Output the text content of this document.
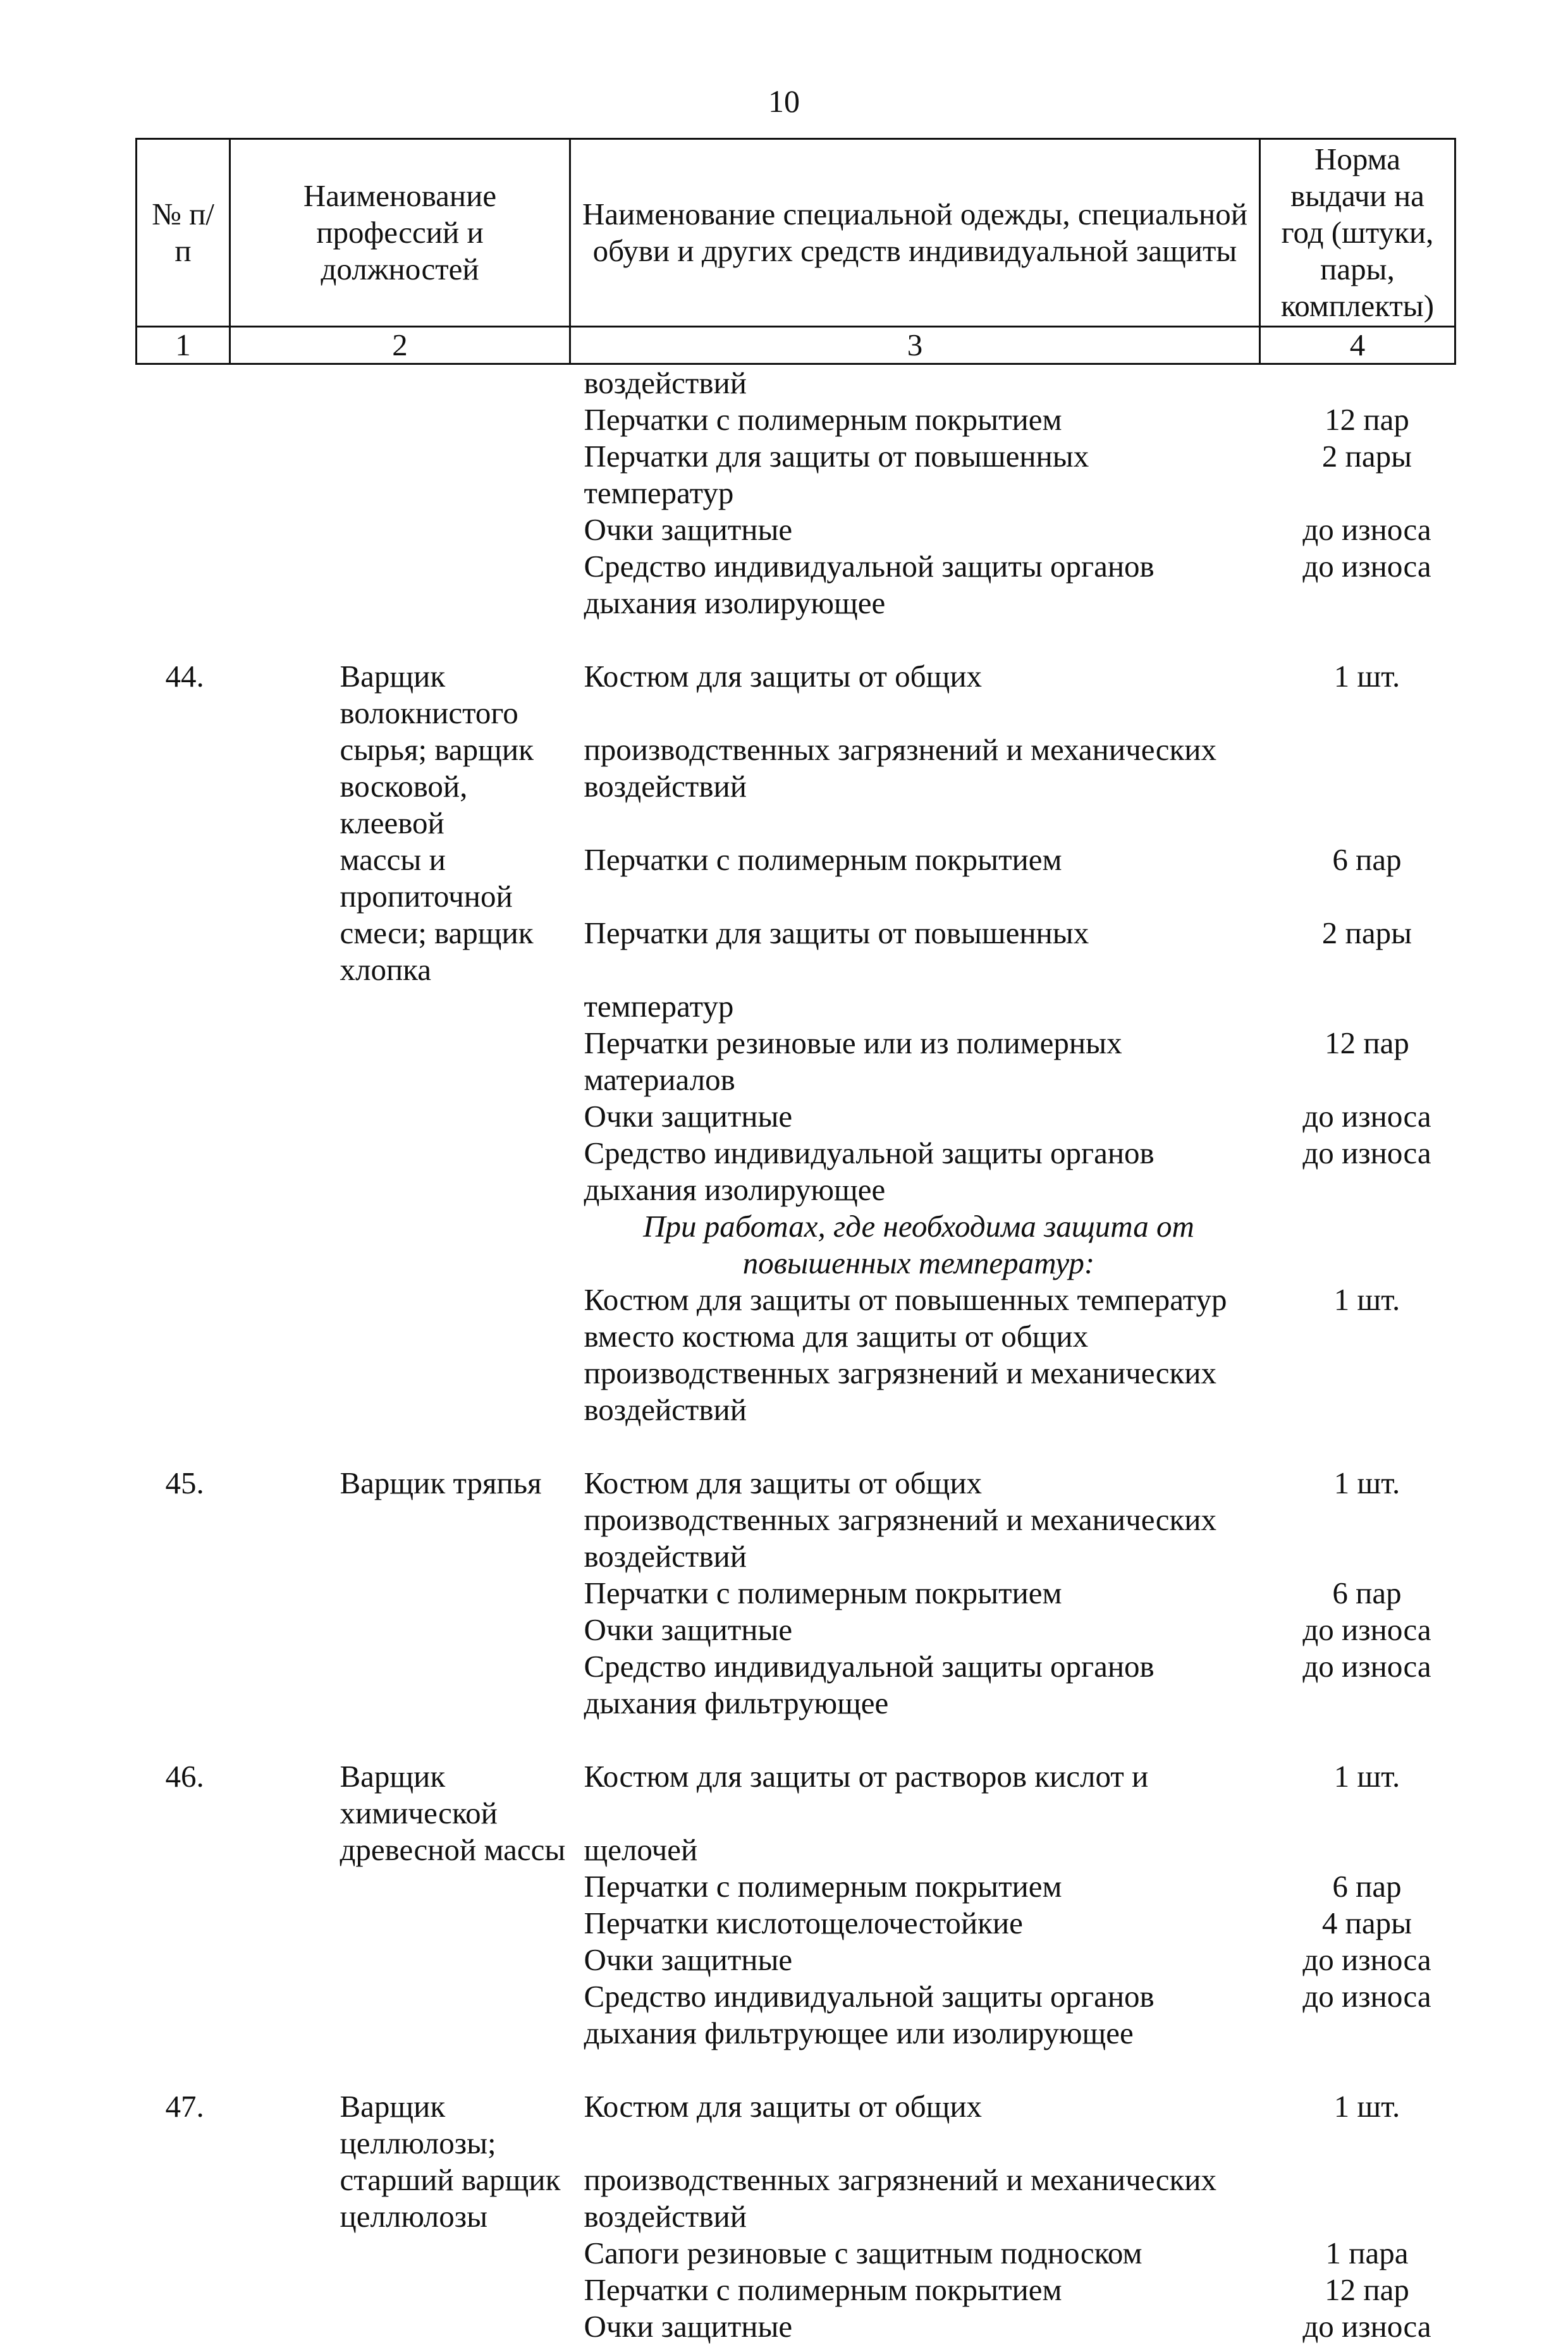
10
№ п/п	Наименование профессий и должностей	Наименование специальной одежды, специальной обуви и других средств индивидуальной защиты	Норма выдачи на год (штуки, пары, комплекты)
1	2	3	4
		воздействий	
		Перчатки с полимерным покрытием	12 пар
		Перчатки для защиты от повышенных	2 пары
		температур	
		Очки защитные	до износа
		Средство индивидуальной защиты органов	до износа
		дыхания изолирующее	

44.	Варщик волокнистого	Костюм для защиты от общих	1 шт.
	сырья; варщик	производственных загрязнений и механических	
	восковой, клеевой	воздействий	
	массы и пропиточной	Перчатки с полимерным покрытием	6 пар
	смеси; варщик хлопка	Перчатки для защиты от повышенных	2 пары
		температур	
		Перчатки резиновые или из полимерных	12 пар
		материалов	
		Очки защитные	до износа
		Средство индивидуальной защиты органов	до износа
		дыхания изолирующее	
		При работах, где необходима защита от	
		повышенных температур:	
		Костюм для защиты от повышенных температур	1 шт.
		вместо костюма для защиты от общих	
		производственных загрязнений и механических	
		воздействий	

45.	Варщик тряпья	Костюм для защиты от общих	1 шт.
		производственных загрязнений и механических	
		воздействий	
		Перчатки с полимерным покрытием	6 пар
		Очки защитные	до износа
		Средство индивидуальной защиты органов	до износа
		дыхания фильтрующее	

46.	Варщик химической	Костюм для защиты от растворов кислот и	1 шт.
	древесной массы	щелочей	
		Перчатки с полимерным покрытием	6 пар
		Перчатки кислотощелочестойкие	4 пары
		Очки защитные	до износа
		Средство индивидуальной защиты органов	до износа
		дыхания фильтрующее или изолирующее	

47.	Варщик целлюлозы;	Костюм для защиты от общих	1 шт.
	старший варщик	производственных загрязнений и механических	
	целлюлозы	воздействий	
		Сапоги резиновые с защитным подноском	1 пара
		Перчатки с полимерным покрытием	12 пар
		Очки защитные	до износа
